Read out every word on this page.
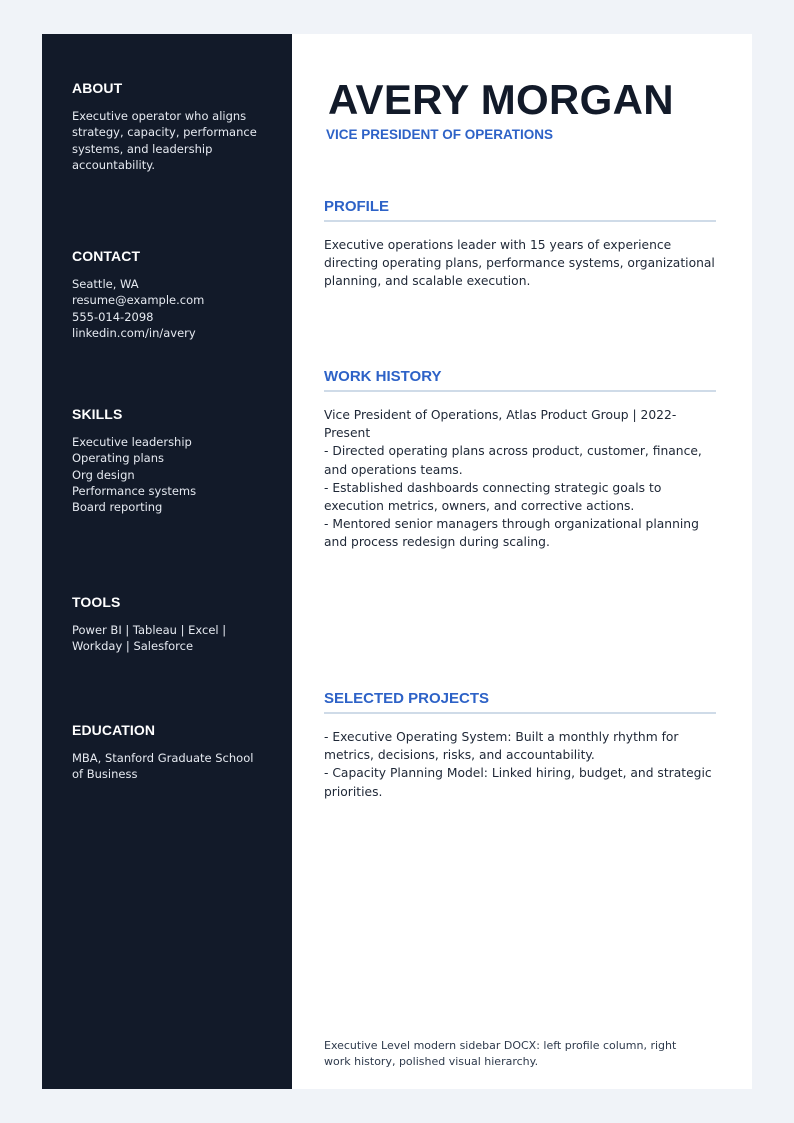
ABOUT
Executive operator who aligns strategy, capacity, performance systems, and leadership accountability.
CONTACT
Seattle, WA
resume@example.com
555-014-2098
linkedin.com/in/avery
SKILLS
Executive leadership
Operating plans
Org design
Performance systems
Board reporting
TOOLS
Power BI | Tableau | Excel | Workday | Salesforce
EDUCATION
MBA, Stanford Graduate School of Business
AVERY MORGAN
VICE PRESIDENT OF OPERATIONS
PROFILE
Executive operations leader with 15 years of experience directing operating plans, performance systems, organizational planning, and scalable execution.
WORK HISTORY
Vice President of Operations, Atlas Product Group | 2022-Present
- Directed operating plans across product, customer, finance, and operations teams.
- Established dashboards connecting strategic goals to execution metrics, owners, and corrective actions.
- Mentored senior managers through organizational planning and process redesign during scaling.
SELECTED PROJECTS
- Executive Operating System: Built a monthly rhythm for metrics, decisions, risks, and accountability.
- Capacity Planning Model: Linked hiring, budget, and strategic priorities.
Executive Level modern sidebar DOCX: left profile column, right work history, polished visual hierarchy.
